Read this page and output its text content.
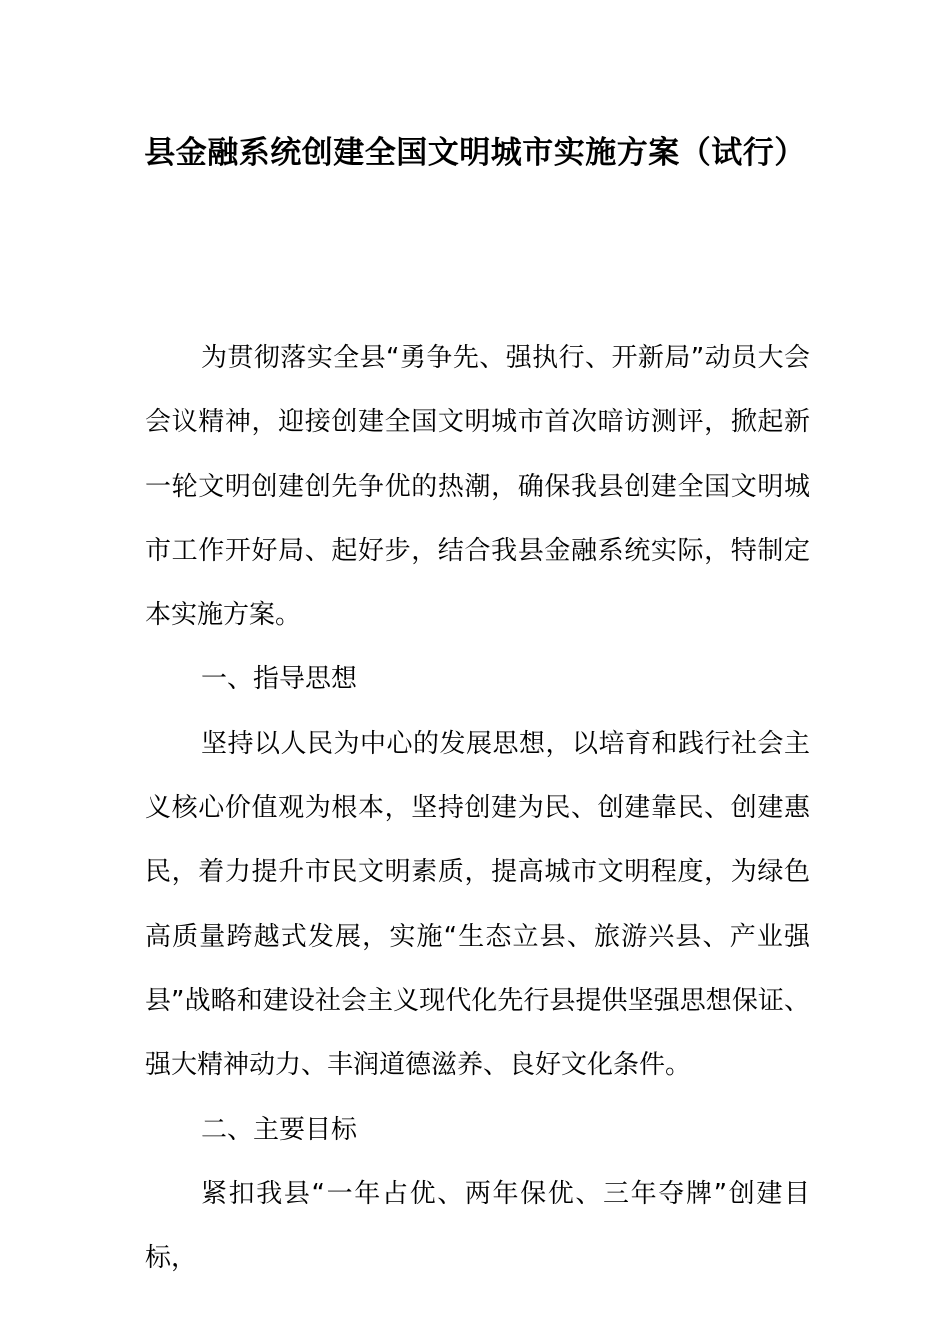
县金融系统创建全国文明城市实施方案（试行）

为贯彻落实全县“勇争先、强执行、开新局”动员大会会议精神，迎接创建全国文明城市首次暗访测评，掀起新一轮文明创建创先争优的热潮，确保我县创建全国文明城市工作开好局、起好步，结合我县金融系统实际，特制定本实施方案。

一、指导思想

坚持以人民为中心的发展思想，以培育和践行社会主义核心价值观为根本，坚持创建为民、创建靠民、创建惠民，着力提升市民文明素质，提高城市文明程度，为绿色高质量跨越式发展，实施“生态立县、旅游兴县、产业强县”战略和建设社会主义现代化先行县提供坚强思想保证、强大精神动力、丰润道德滋养、良好文化条件。

二、主要目标

紧扣我县“一年占优、两年保优、三年夺牌”创建目标，
